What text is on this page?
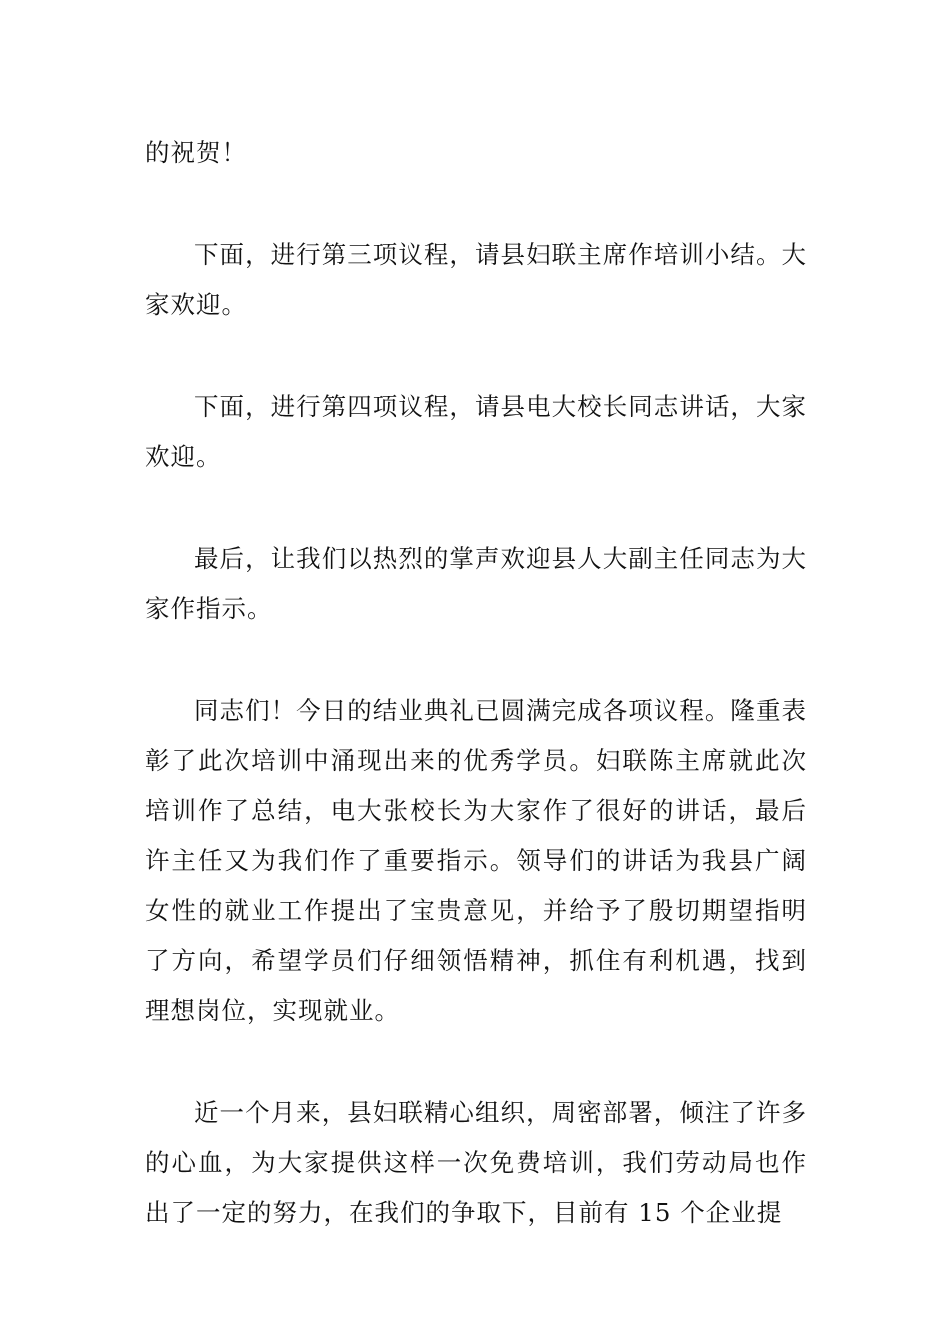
的祝贺！

下面，进行第三项议程，请县妇联主席作培训小结。大家欢迎。

下面，进行第四项议程，请县电大校长同志讲话，大家欢迎。

最后，让我们以热烈的掌声欢迎县人大副主任同志为大家作指示。

同志们！今日的结业典礼已圆满完成各项议程。隆重表彰了此次培训中涌现出来的优秀学员。妇联陈主席就此次培训作了总结，电大张校长为大家作了很好的讲话，最后许主任又为我们作了重要指示。领导们的讲话为我县广阔女性的就业工作提出了宝贵意见，并给予了殷切期望指明了方向，希望学员们仔细领悟精神，抓住有利机遇，找到理想岗位，实现就业。

近一个月来，县妇联精心组织，周密部署，倾注了许多的心血，为大家提供这样一次免费培训，我们劳动局也作出了一定的努力，在我们的争取下，目前有 15 个企业提
